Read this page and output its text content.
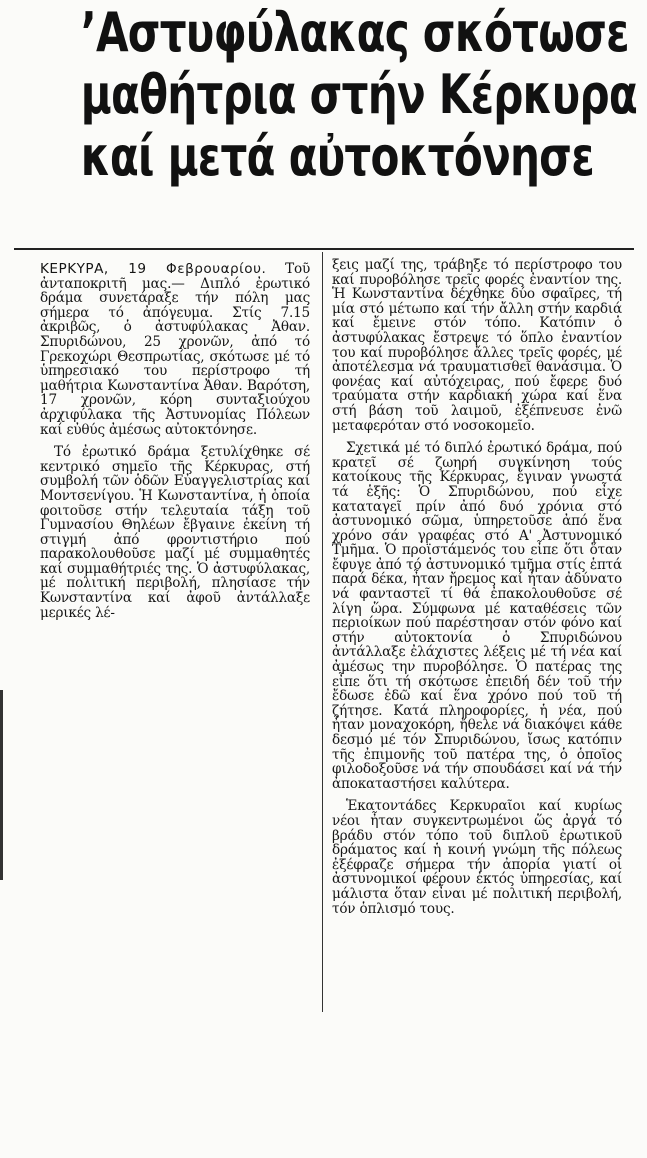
’Αστυφύλακας σκότωσε
μαθήτρια στήν Κέρκυρα
καί μετά αὐτοκτόνησε

ΚΕΡΚΥΡΑ, 19 Φεβρουαρίου. Τοῦ ἀνταποκριτῆ μας.— Διπλό ἐρωτικό δράμα συνετάραξε τήν πόλη μας σήμερα τό ἀπόγευμα. Στίς 7.15 ἀκριβῶς, ὁ ἀστυφύλακας Ἀθαν. Σπυριδώνου, 25 χρονῶν, ἀπό τό Γρεκοχώρι Θεσπρωτίας, σκότωσε μέ τό ὑπηρεσιακό του περίστροφο τή μαθήτρια Κωνσταντίνα Ἀθαν. Βαρότση, 17 χρονῶν, κόρη συνταξιούχου ἀρχιφύλακα τῆς Ἀστυνομίας Πόλεων καί εὐθύς ἀμέσως αὐτοκτόνησε.

Τό ἐρωτικό δράμα ξετυλίχθηκε σέ κεντρικό σημεῖο τῆς Κέρκυρας, στή συμβολή τῶν ὁδῶν Εὐαγγελιστρίας καί Μοντσενίγου. Ἡ Κωνσταντίνα, ἡ ὁποία φοιτοῦσε στήν τελευταία τάξη τοῦ Γυμνασίου Θηλέων ἔβγαινε ἐκείνη τή στιγμή ἀπό φροντιστήριο πού παρακολουθοῦσε μαζί μέ συμμαθητές καί συμμαθήτριές της. Ὁ ἀστυφύλακας, μέ πολιτική περιβολή, πλησίασε τήν Κωνσταντίνα καί ἀφοῦ ἀντάλλαξε μερικές λέ-

ξεις μαζί της, τράβηξε τό περίστροφο του καί πυροβόλησε τρεῖς φορές ἐναντίον της. Ἡ Κωνσταντίνα δέχθηκε δύο σφαῖρες, τή μία στό μέτωπο καί τήν ἄλλη στήν καρδιά καί ἔμεινε στόν τόπο. Κατόπιν ὁ ἀστυφύλακας ἔστρεψε τό ὅπλο ἐναντίον του καί πυροβόλησε ἄλλες τρεῖς φορές, μέ ἀποτέλεσμα νά τραυματισθεῖ θανάσιμα. Ὁ φονέας καί αὐτόχειρας, πού ἔφερε δυό τραύματα στήν καρδιακή χώρα καί ἕνα στή βάση τοῦ λαιμοῦ, ἐξέπνευσε ἐνῶ μεταφερόταν στό νοσοκομεῖο.

Σχετικά μέ τό διπλό ἐρωτικό δράμα, πού κρατεῖ σέ ζωηρή συγκίνηση τούς κατοίκους τῆς Κέρκυρας, ἔγιναν γνωστά τά ἑξῆς: Ὁ Σπυριδώνου, πού εἶχε καταταγεῖ πρίν ἀπό δυό χρόνια στό ἀστυνομικό σῶμα, ὑπηρετοῦσε ἀπό ἕνα χρόνο σάν γραφέας στό Α' Ἀστυνομικό Τμῆμα. Ὁ προϊστάμενός του εἶπε ὅτι ὅταν ἔφυγε ἀπό τό ἀστυνομικό τμῆμα στίς ἑπτά παρά δέκα, ἦταν ἤρεμος καί ἦταν ἀδύνατο νά φανταστεῖ τί θά ἐπακολουθοῦσε σέ λίγη ὥρα. Σύμφωνα μέ καταθέσεις τῶν περιοίκων πού παρέστησαν στόν φόνο καί στήν αὐτοκτονία ὁ Σπυριδώνου ἀντάλλαξε ἐλάχιστες λέξεις μέ τή νέα καί ἀμέσως την πυροβόλησε. Ὁ πατέρας της εἶπε ὅτι τή σκότωσε ἐπειδή δέν τοῦ τήν ἔδωσε ἐδῶ καί ἕνα χρόνο πού τοῦ τή ζήτησε. Κατά πληροφορίες, ἡ νέα, πού ἦταν μοναχοκόρη, ἤθελε νά διακόψει κάθε δεσμό μέ τόν Σπυριδώνου, ἴσως κατόπιν τῆς ἐπιμονῆς τοῦ πατέρα της, ὁ ὁποῖος φιλοδοξοῦσε νά τήν σπουδάσει καί νά τήν ἀποκαταστήσει καλύτερα.

Ἑκατοντάδες Κερκυραῖοι καί κυρίως νέοι ἦταν συγκεντρωμένοι ὥς ἀργά τό βράδυ στόν τόπο τοῦ διπλοῦ ἐρωτικοῦ δράματος καί ἡ κοινή γνώμη τῆς πόλεως ἐξέφραζε σήμερα τήν ἀπορία γιατί οἱ ἀστυνομικοί φέρουν ἐκτός ὑπηρεσίας, καί μάλιστα ὅταν εἶναι μέ πολιτική περιβολή, τόν ὁπλισμό τους.
